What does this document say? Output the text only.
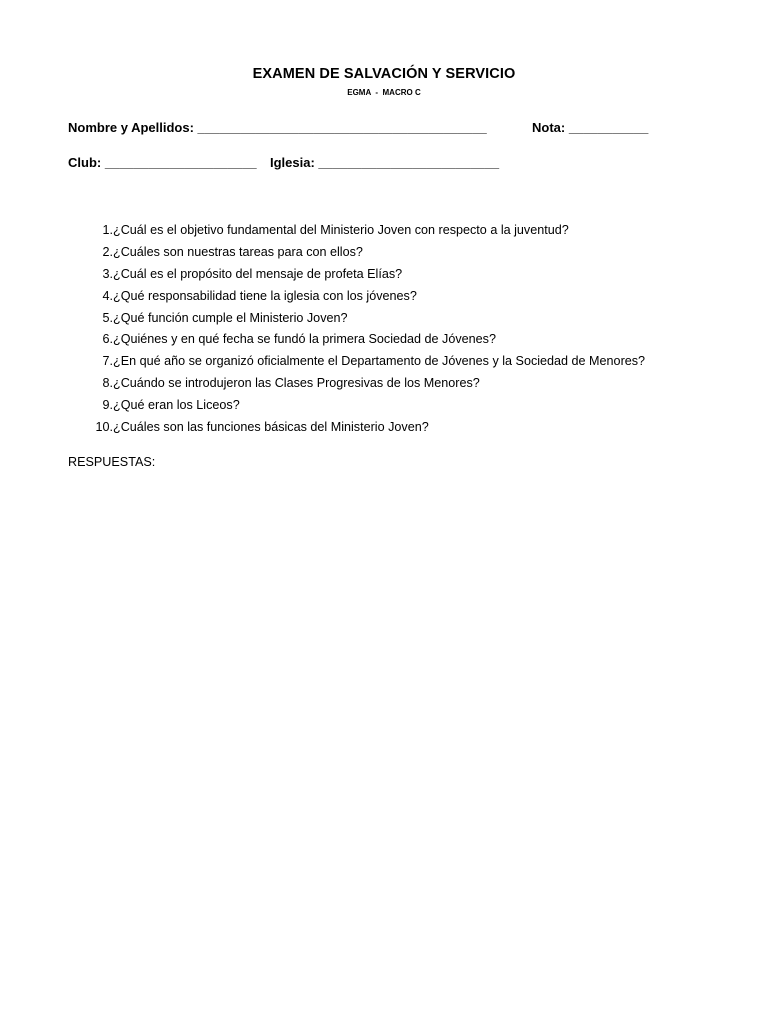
EXAMEN DE SALVACIÓN Y SERVICIO
EGMA  -  MACRO C
Nombre y Apellidos: ________________________________________	Nota: ___________
Club: _____________________ Iglesia: _________________________
1. ¿Cuál es el objetivo fundamental del Ministerio Joven con respecto a la juventud?
2. ¿Cuáles son nuestras tareas para con ellos?
3. ¿Cuál es el propósito del mensaje de profeta Elías?
4. ¿Qué responsabilidad tiene la iglesia con los jóvenes?
5. ¿Qué función cumple el Ministerio Joven?
6. ¿Quiénes y en qué fecha se fundó la primera Sociedad de Jóvenes?
7. ¿En qué año se organizó oficialmente el Departamento de Jóvenes y la Sociedad de Menores?
8. ¿Cuándo se introdujeron las Clases Progresivas de los Menores?
9. ¿Qué eran los Liceos?
10. ¿Cuáles son las funciones básicas del Ministerio Joven?
RESPUESTAS:
